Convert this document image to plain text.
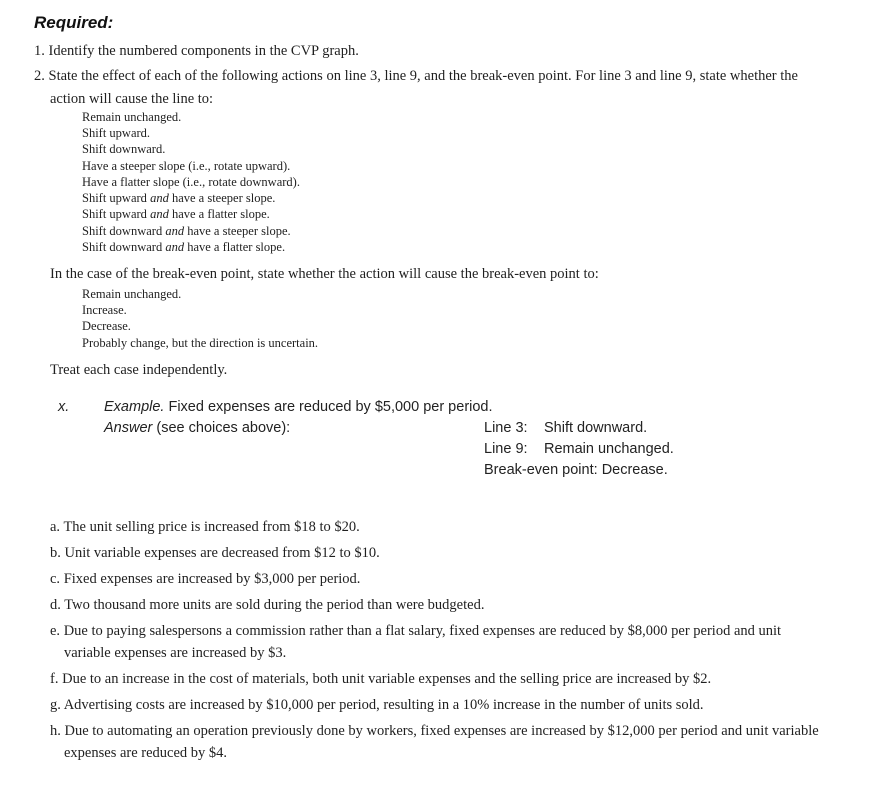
Required:
1. Identify the numbered components in the CVP graph.
2. State the effect of each of the following actions on line 3, line 9, and the break-even point. For line 3 and line 9, state whether the
action will cause the line to:
Remain unchanged.
Shift upward.
Shift downward.
Have a steeper slope (i.e., rotate upward).
Have a flatter slope (i.e., rotate downward).
Shift upward and have a steeper slope.
Shift upward and have a flatter slope.
Shift downward and have a steeper slope.
Shift downward and have a flatter slope.
In the case of the break-even point, state whether the action will cause the break-even point to:
Remain unchanged.
Increase.
Decrease.
Probably change, but the direction is uncertain.
Treat each case independently.
x. Example. Fixed expenses are reduced by $5,000 per period.
Answer (see choices above):	Line 3: Shift downward.
Line 9: Remain unchanged.
Break-even point: Decrease.
a. The unit selling price is increased from $18 to $20.
b. Unit variable expenses are decreased from $12 to $10.
c. Fixed expenses are increased by $3,000 per period.
d. Two thousand more units are sold during the period than were budgeted.
e. Due to paying salespersons a commission rather than a flat salary, fixed expenses are reduced by $8,000 per period and unit
variable expenses are increased by $3.
f. Due to an increase in the cost of materials, both unit variable expenses and the selling price are increased by $2.
g. Advertising costs are increased by $10,000 per period, resulting in a 10% increase in the number of units sold.
h. Due to automating an operation previously done by workers, fixed expenses are increased by $12,000 per period and unit variable
expenses are reduced by $4.
